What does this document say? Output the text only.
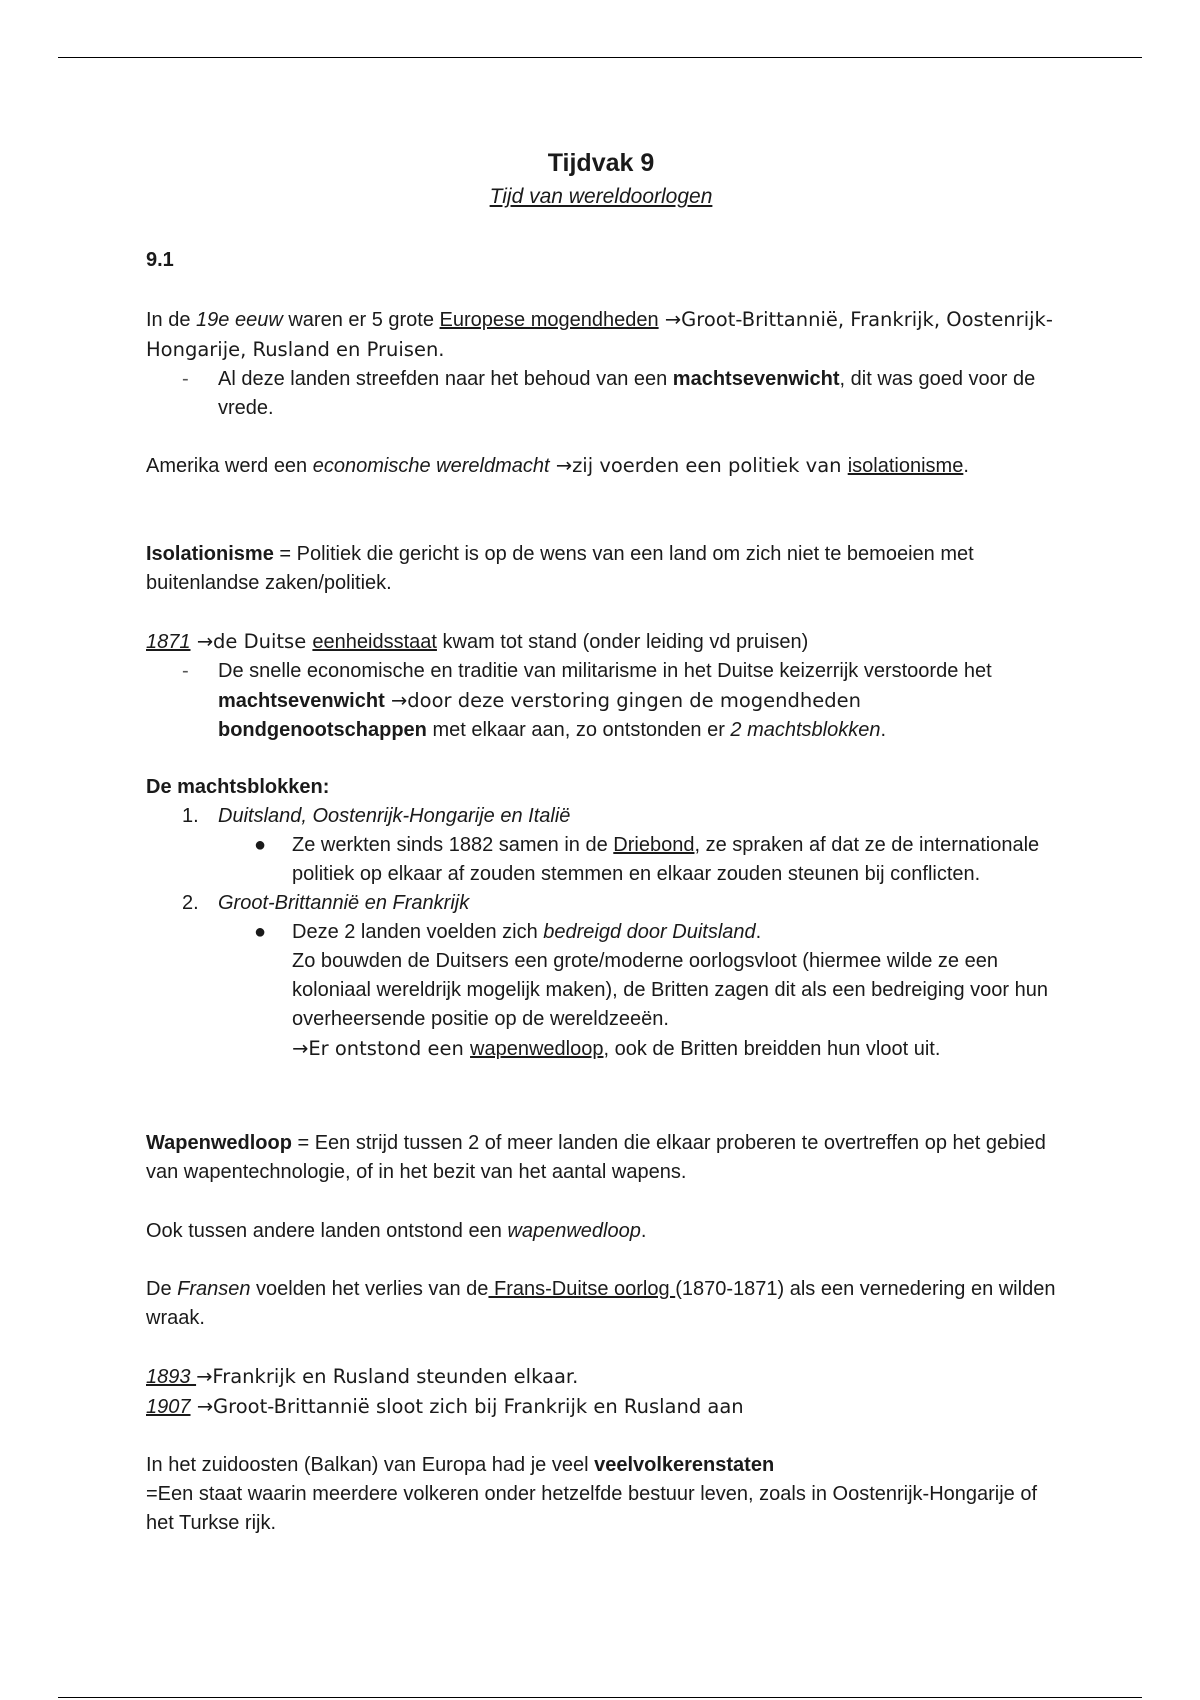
Tijdvak 9
Tijd van wereldoorlogen
9.1
In de 19e eeuw waren er 5 grote Europese mogendheden →Groot-Brittannië, Frankrijk, Oostenrijk-Hongarije, Rusland en Pruisen.
- Al deze landen streefden naar het behoud van een machtsevenwicht, dit was goed voor de vrede.
Amerika werd een economische wereldmacht →zij voerden een politiek van isolationisme.
Isolationisme = Politiek die gericht is op de wens van een land om zich niet te bemoeien met buitenlandse zaken/politiek.
1871 →de Duitse eenheidsstaat kwam tot stand (onder leiding vd pruisen)
- De snelle economische en traditie van militarisme in het Duitse keizerrijk verstoorde het machtsevenwicht →door deze verstoring gingen de mogendheden bondgenootschappen met elkaar aan, zo ontstonden er 2 machtsblokken.
De machtsblokken:
1. Duitsland, Oostenrijk-Hongarije en Italië
● Ze werkten sinds 1882 samen in de Driebond, ze spraken af dat ze de internationale politiek op elkaar af zouden stemmen en elkaar zouden steunen bij conflicten.
2. Groot-Brittannië en Frankrijk
● Deze 2 landen voelden zich bedreigd door Duitsland.
Zo bouwden de Duitsers een grote/moderne oorlogsvloot (hiermee wilde ze een koloniaal wereldrijk mogelijk maken), de Britten zagen dit als een bedreiging voor hun overheersende positie op de wereldzeeën.
→Er ontstond een wapenwedloop, ook de Britten breidden hun vloot uit.
Wapenwedloop = Een strijd tussen 2 of meer landen die elkaar proberen te overtreffen op het gebied van wapentechnologie, of in het bezit van het aantal wapens.
Ook tussen andere landen ontstond een wapenwedloop.
De Fransen voelden het verlies van de Frans-Duitse oorlog (1870-1871) als een vernedering en wilden wraak.
1893 →Frankrijk en Rusland steunden elkaar.
1907 →Groot-Brittannië sloot zich bij Frankrijk en Rusland aan
In het zuidoosten (Balkan) van Europa had je veel veelvolkerenstaten
=Een staat waarin meerdere volkeren onder hetzelfde bestuur leven, zoals in Oostenrijk-Hongarije of het Turkse rijk.
